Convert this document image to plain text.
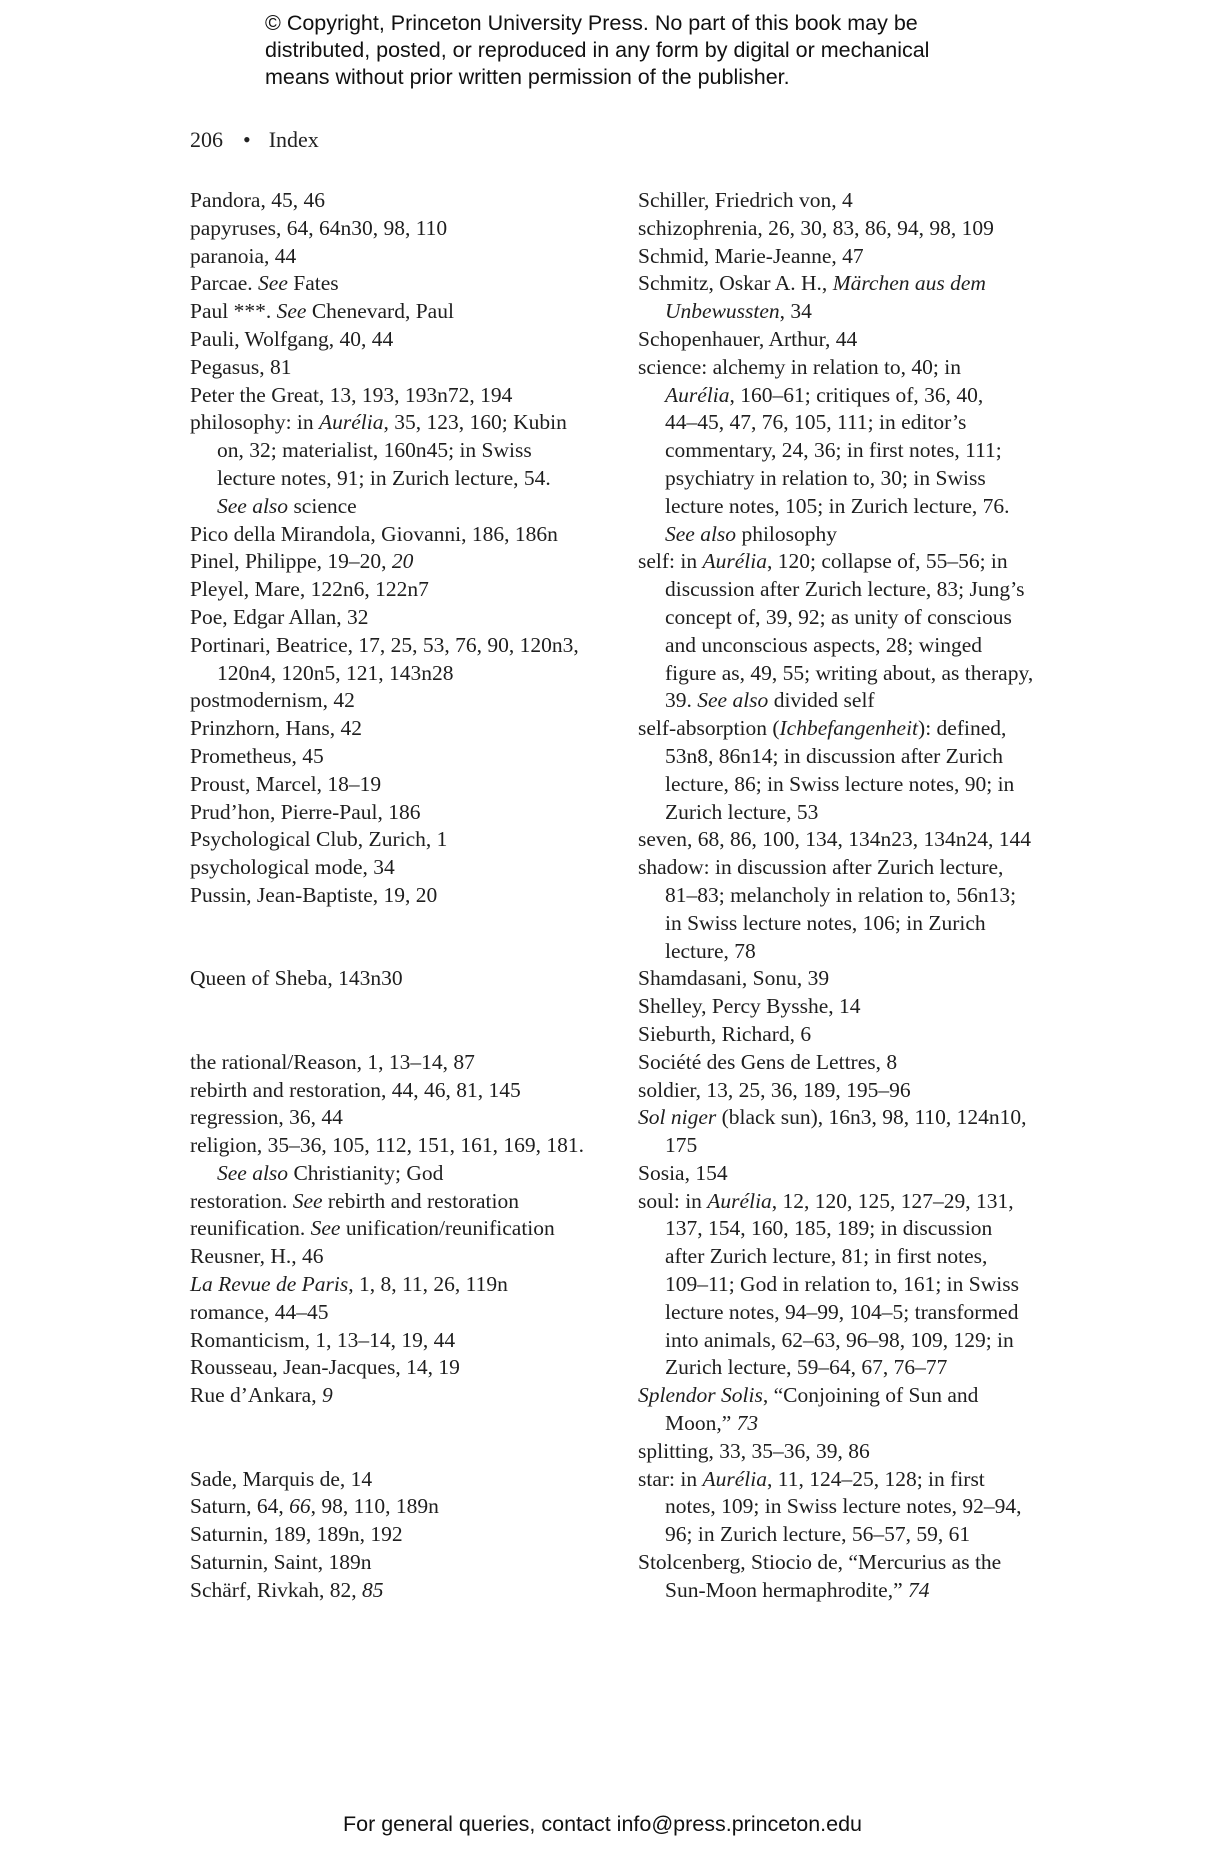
© Copyright, Princeton University Press. No part of this book may be
distributed, posted, or reproduced in any form by digital or mechanical
means without prior written permission of the publisher.
206 • Index
Pandora, 45, 46
papyruses, 64, 64n30, 98, 110
paranoia, 44
Parcae. See Fates
Paul ***. See Chenevard, Paul
Pauli, Wolfgang, 40, 44
Pegasus, 81
Peter the Great, 13, 193, 193n72, 194
philosophy: in Aurélia, 35, 123, 160; Kubin
on, 32; materialist, 160n45; in Swiss
lecture notes, 91; in Zurich lecture, 54.
See also science
Pico della Mirandola, Giovanni, 186, 186n
Pinel, Philippe, 19–20, 20
Pleyel, Mare, 122n6, 122n7
Poe, Edgar Allan, 32
Portinari, Beatrice, 17, 25, 53, 76, 90, 120n3,
120n4, 120n5, 121, 143n28
postmodernism, 42
Prinzhorn, Hans, 42
Prometheus, 45
Proust, Marcel, 18–19
Prud’hon, Pierre-Paul, 186
Psychological Club, Zurich, 1
psychological mode, 34
Pussin, Jean-Baptiste, 19, 20
Queen of Sheba, 143n30
the rational/Reason, 1, 13–14, 87
rebirth and restoration, 44, 46, 81, 145
regression, 36, 44
religion, 35–36, 105, 112, 151, 161, 169, 181.
See also Christianity; God
restoration. See rebirth and restoration
reunification. See unification/reunification
Reusner, H., 46
La Revue de Paris, 1, 8, 11, 26, 119n
romance, 44–45
Romanticism, 1, 13–14, 19, 44
Rousseau, Jean-Jacques, 14, 19
Rue d’Ankara, 9
Sade, Marquis de, 14
Saturn, 64, 66, 98, 110, 189n
Saturnin, 189, 189n, 192
Saturnin, Saint, 189n
Schärf, Rivkah, 82, 85
Schiller, Friedrich von, 4
schizophrenia, 26, 30, 83, 86, 94, 98, 109
Schmid, Marie-Jeanne, 47
Schmitz, Oskar A. H., Märchen aus dem
Unbewussten, 34
Schopenhauer, Arthur, 44
science: alchemy in relation to, 40; in
Aurélia, 160–61; critiques of, 36, 40,
44–45, 47, 76, 105, 111; in editor’s
commentary, 24, 36; in first notes, 111;
psychiatry in relation to, 30; in Swiss
lecture notes, 105; in Zurich lecture, 76.
See also philosophy
self: in Aurélia, 120; collapse of, 55–56; in
discussion after Zurich lecture, 83; Jung’s
concept of, 39, 92; as unity of conscious
and unconscious aspects, 28; winged
figure as, 49, 55; writing about, as therapy,
39. See also divided self
self-absorption (Ichbefangenheit): defined,
53n8, 86n14; in discussion after Zurich
lecture, 86; in Swiss lecture notes, 90; in
Zurich lecture, 53
seven, 68, 86, 100, 134, 134n23, 134n24, 144
shadow: in discussion after Zurich lecture,
81–83; melancholy in relation to, 56n13;
in Swiss lecture notes, 106; in Zurich
lecture, 78
Shamdasani, Sonu, 39
Shelley, Percy Bysshe, 14
Sieburth, Richard, 6
Société des Gens de Lettres, 8
soldier, 13, 25, 36, 189, 195–96
Sol niger (black sun), 16n3, 98, 110, 124n10,
175
Sosia, 154
soul: in Aurélia, 12, 120, 125, 127–29, 131,
137, 154, 160, 185, 189; in discussion
after Zurich lecture, 81; in first notes,
109–11; God in relation to, 161; in Swiss
lecture notes, 94–99, 104–5; transformed
into animals, 62–63, 96–98, 109, 129; in
Zurich lecture, 59–64, 67, 76–77
Splendor Solis, “Conjoining of Sun and
Moon,” 73
splitting, 33, 35–36, 39, 86
star: in Aurélia, 11, 124–25, 128; in first
notes, 109; in Swiss lecture notes, 92–94,
96; in Zurich lecture, 56–57, 59, 61
Stolcenberg, Stiocio de, “Mercurius as the
Sun-Moon hermaphrodite,” 74
For general queries, contact info@press.princeton.edu
